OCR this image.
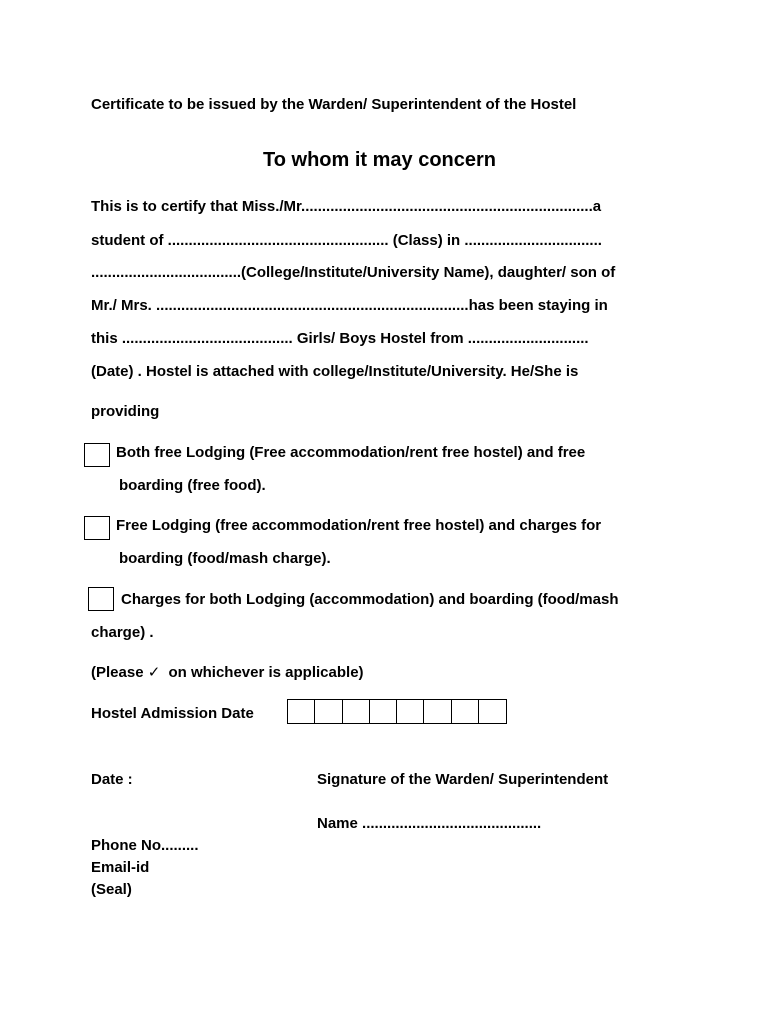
Certificate to be issued by the Warden/ Superintendent of the Hostel
To whom it may concern
This is to certify that Miss./Mr......................................................................a
student of ..................................................... (Class) in .................................
....................................(College/Institute/University Name), daughter/ son of
Mr./ Mrs. ...........................................................................has been staying in
this ......................................... Girls/ Boys Hostel from .............................
(Date) . Hostel is attached with college/Institute/University. He/She is
providing
Both free Lodging (Free accommodation/rent free hostel) and free
boarding (free food).
Free Lodging (free accommodation/rent free hostel) and charges for
boarding (food/mash charge).
Charges for both Lodging (accommodation) and boarding (food/mash
charge) .
(Please ✓ on whichever is applicable)
Hostel Admission Date
Date :	Signature of the Warden/ Superintendent
Name ...........................................
Phone No.........
Email-id
(Seal)
